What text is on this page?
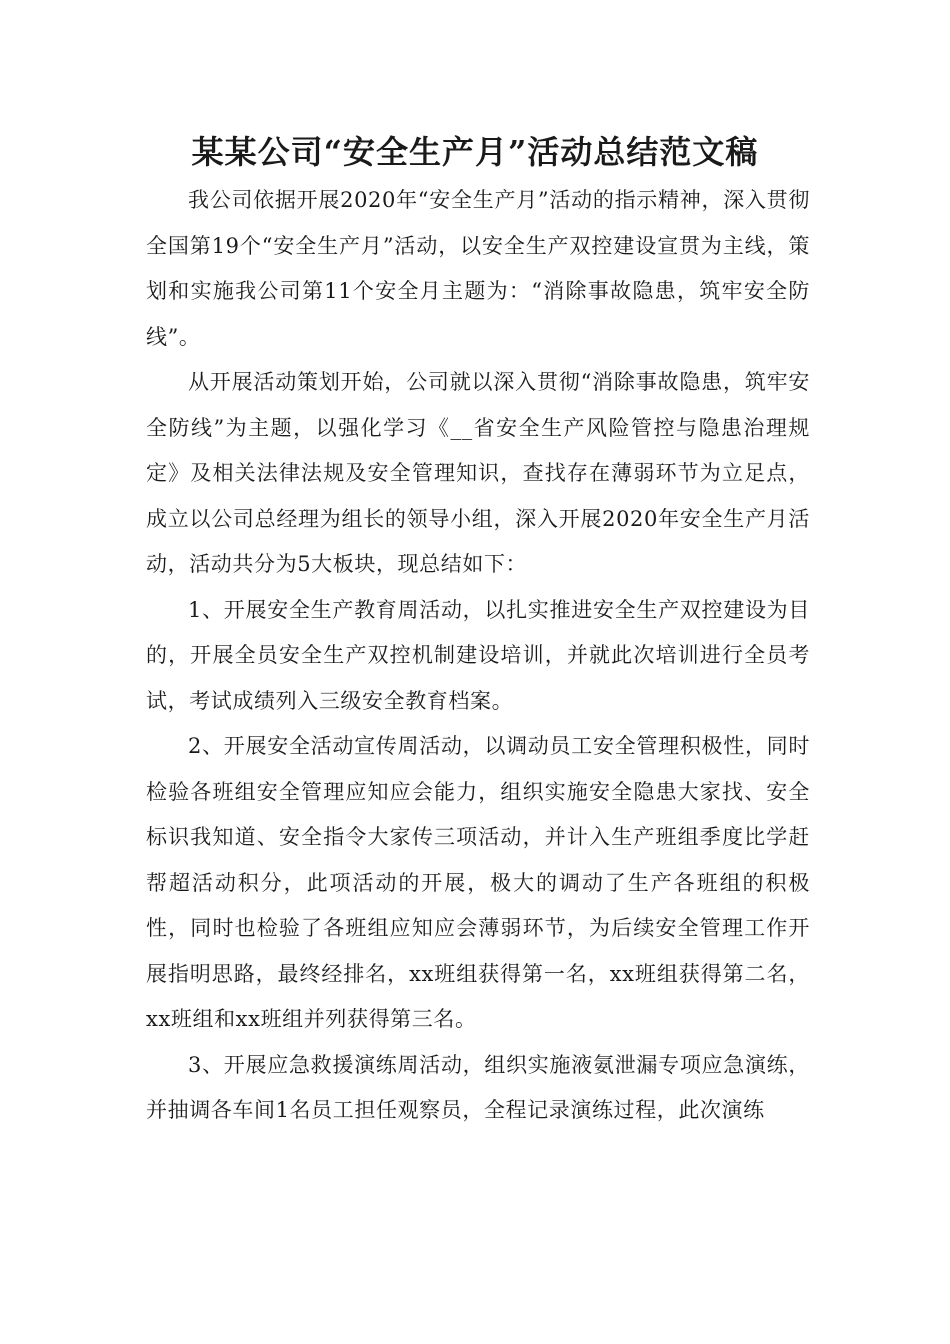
某某公司“安全生产月”活动总结范文稿

我公司依据开展2020年“安全生产月”活动的指示精神，深入贯彻全国第19个“安全生产月”活动，以安全生产双控建设宣贯为主线，策划和实施我公司第11个安全月主题为：“消除事故隐患，筑牢安全防线”。

从开展活动策划开始，公司就以深入贯彻“消除事故隐患，筑牢安全防线”为主题，以强化学习《__省安全生产风险管控与隐患治理规定》及相关法律法规及安全管理知识，查找存在薄弱环节为立足点，成立以公司总经理为组长的领导小组，深入开展2020年安全生产月活动，活动共分为5大板块，现总结如下：

1、开展安全生产教育周活动，以扎实推进安全生产双控建设为目的，开展全员安全生产双控机制建设培训，并就此次培训进行全员考试，考试成绩列入三级安全教育档案。

2、开展安全活动宣传周活动，以调动员工安全管理积极性，同时检验各班组安全管理应知应会能力，组织实施安全隐患大家找、安全标识我知道、安全指令大家传三项活动，并计入生产班组季度比学赶帮超活动积分，此项活动的开展，极大的调动了生产各班组的积极性，同时也检验了各班组应知应会薄弱环节，为后续安全管理工作开展指明思路，最终经排名，xx班组获得第一名，xx班组获得第二名，xx班组和xx班组并列获得第三名。

3、开展应急救援演练周活动，组织实施液氨泄漏专项应急演练，并抽调各车间1名员工担任观察员，全程记录演练过程，此次演练
